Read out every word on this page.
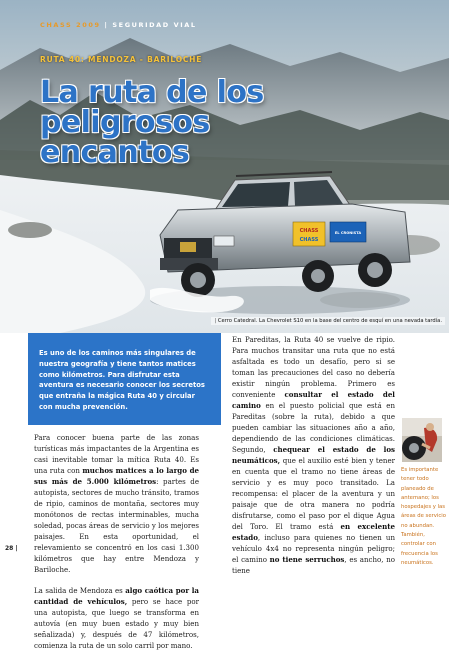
CHASS
CHASS
EL CRONISTA
CHASS 2009 | SEGURIDAD VIAL
RUTA 40: MENDOZA - BARILOCHE
La ruta de los peligrosos encantos
| Cerro Catedral. La Chevrolet S10 en la base del centro de esquí en una nevada tardía.

Es uno de los caminos más singulares de nuestra geografía y tiene tantos matices como kilómetros. Para disfrutar esta aventura es necesario conocer los secretos que entraña la mágica Ruta 40 y circular con mucha prevención.

Para conocer buena parte de las zonas turísticas más impactantes de la Argentina es casi inevitable tomar la mítica Ruta 40. Es una ruta con muchos matices a lo largo de sus más de 5.000 kilómetros: partes de autopista, sectores de mucho tránsito, tramos de ripio, caminos de montaña, sectores muy monótonos de rectas interminables, mucha soledad, pocas áreas de servicio y los mejores paisajes. En esta oportunidad, el relevamiento se concentró en los casi 1.300 kilómetros que hay entre Mendoza y Bariloche.

La salida de Mendoza es algo caótica por la cantidad de vehículos, pero se hace por una autopista, que luego se transforma en autovía (en muy buen estado y muy bien señalizada) y, después de 47 kilómetros, comienza la ruta de un solo carril por mano.

En Pareditas, la Ruta 40 se vuelve de ripio. Para muchos transitar una ruta que no está asfaltada es todo un desafío, pero si se toman las precauciones del caso no debería existir ningún problema. Primero es conveniente consultar el estado del camino en el puesto policial que está en Pareditas (sobre la ruta), debido a que pueden cambiar las situaciones año a año, dependiendo de las condiciones climáticas. Segundo, chequear el estado de los neumáticos, que el auxilio esté bien y tener en cuenta que el tramo no tiene áreas de servicio y es muy poco transitado. La recompensa: el placer de la aventura y un paisaje que de otra manera no podría disfrutarse, como el paso por el dique Agua del Toro. El tramo está en excelente estado, incluso para quienes no tienen un vehículo 4x4 no representa ningún peligro; el camino no tiene serruchos, es ancho, no tiene

28 |

Es importante tener todo planeado de antemano; los hospedajes y las áreas de servicio no abundan. También, controlar con frecuencia los neumáticos.
